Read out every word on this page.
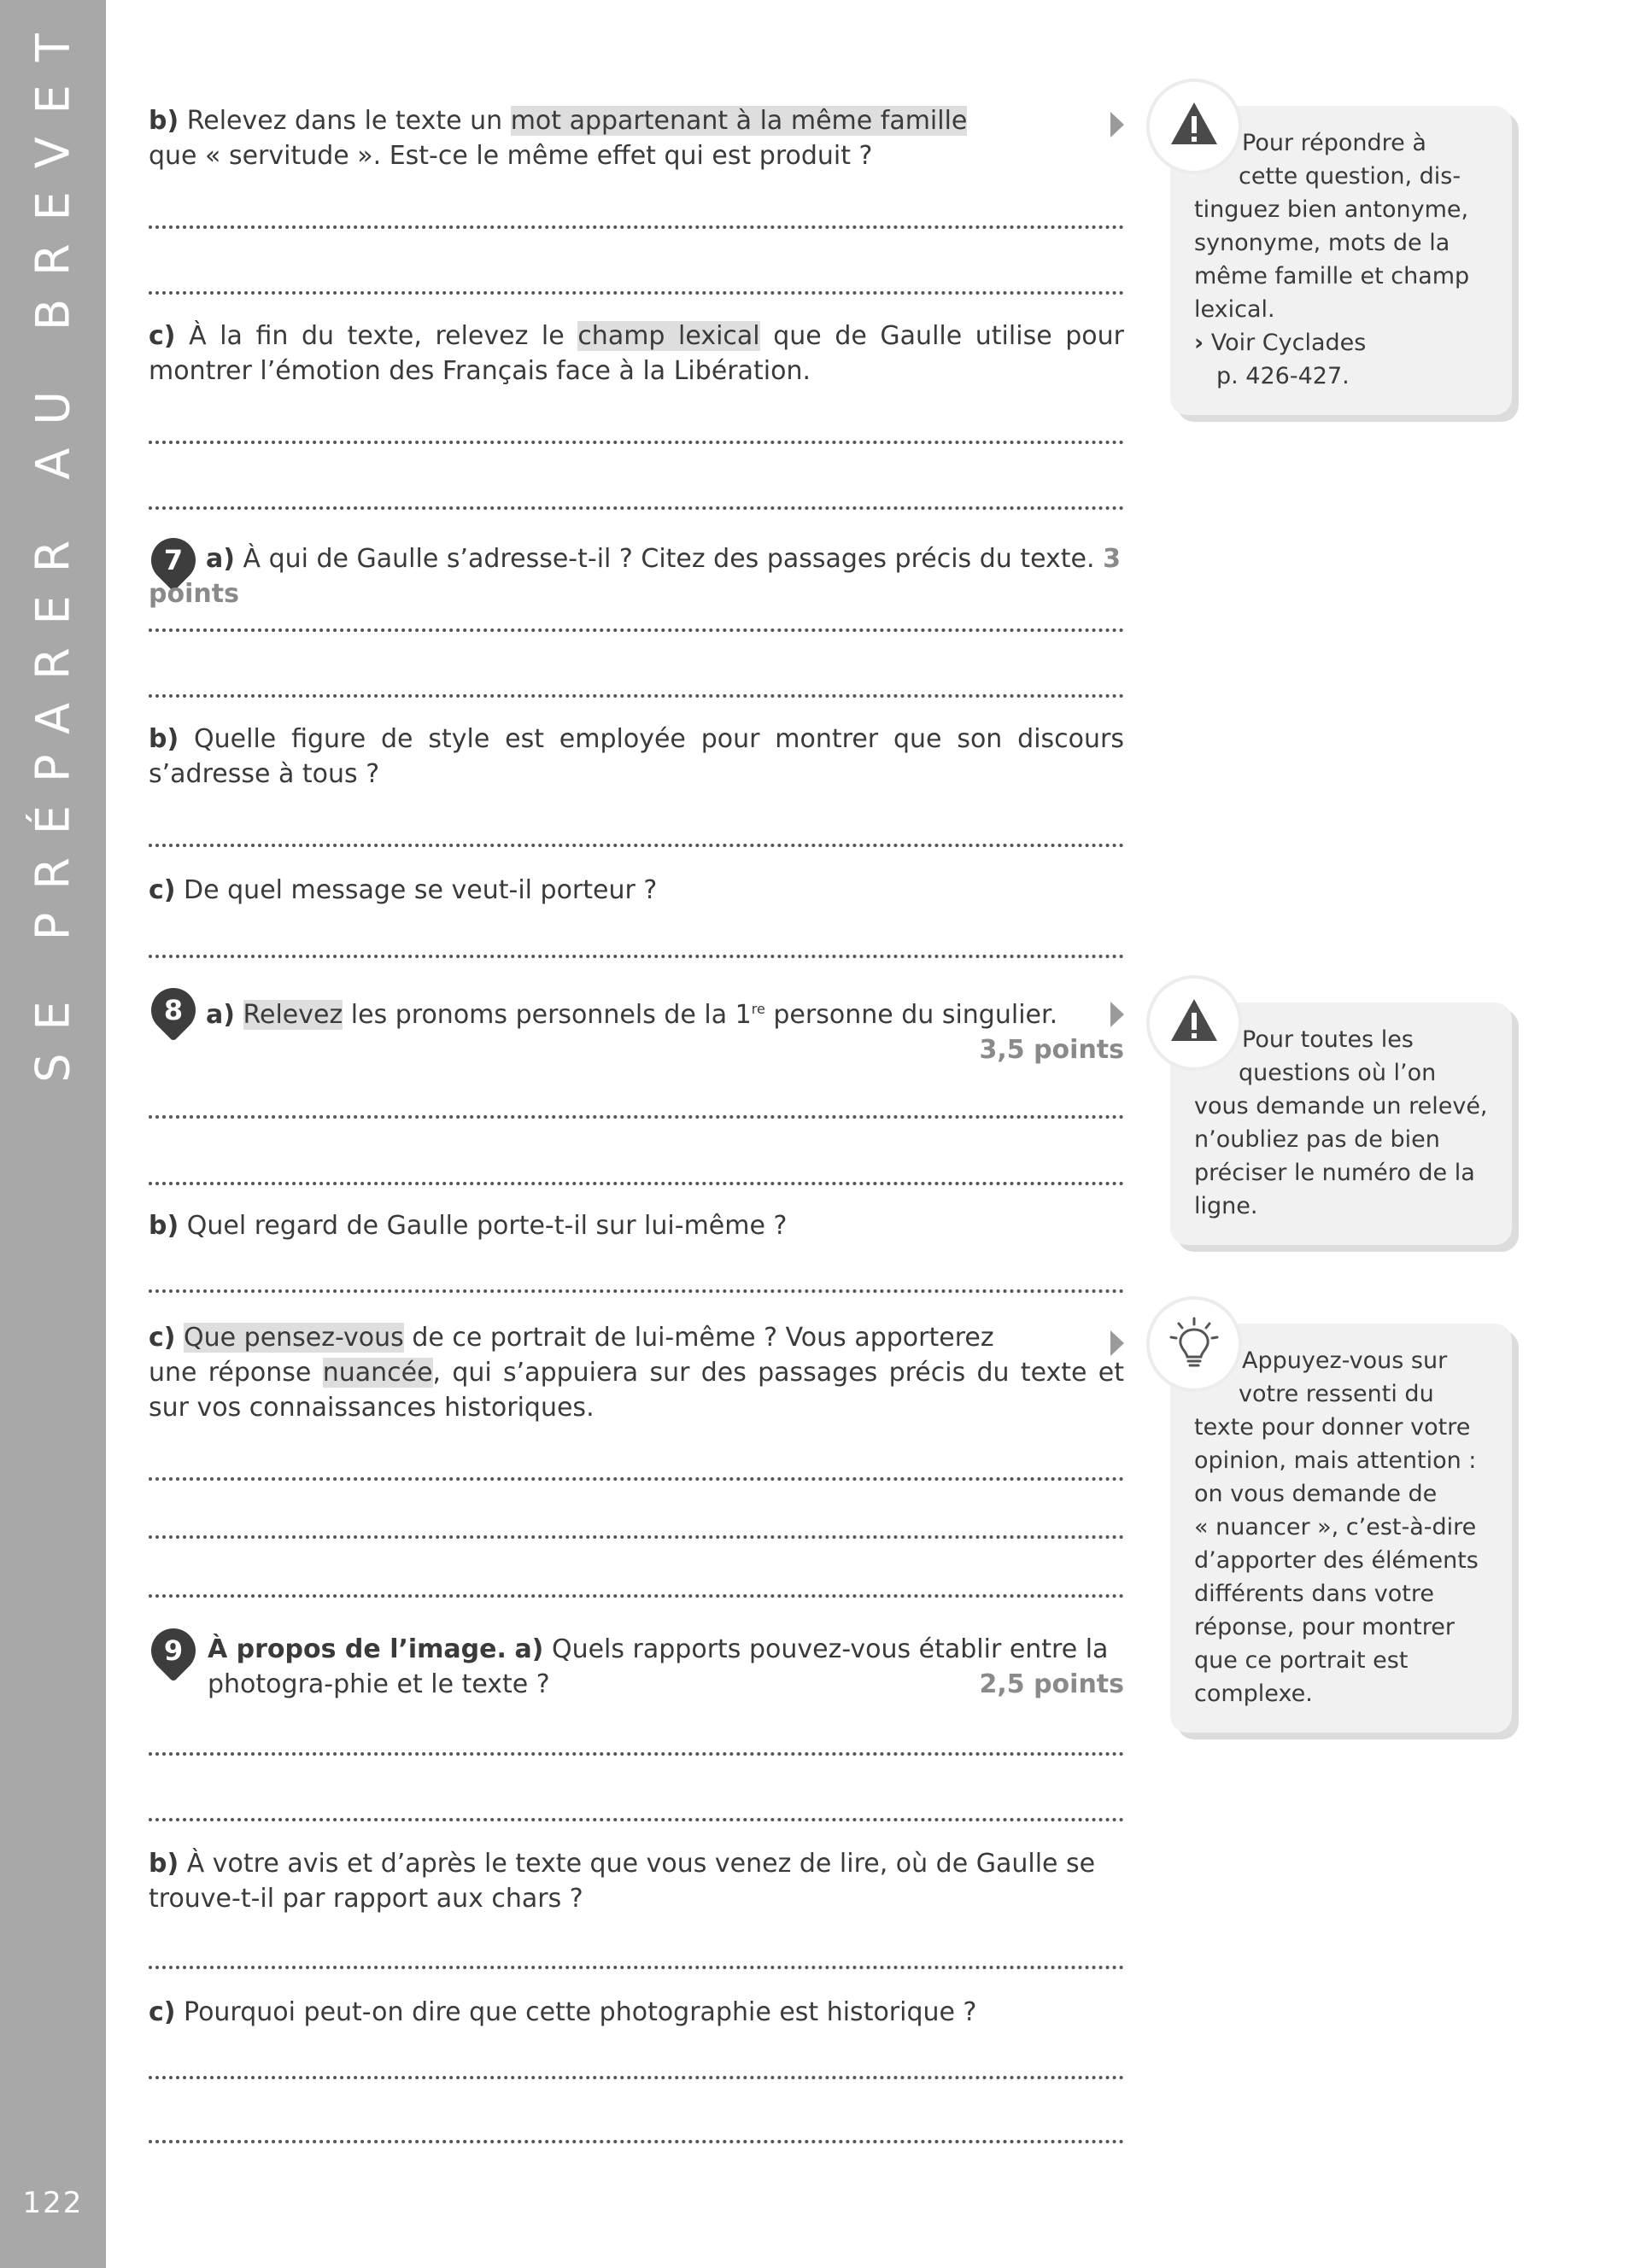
SE PRÉPARER AU BREVET
122
b) Relevez dans le texte un mot appartenant à la même famille
que « servitude ». Est-ce le même effet qui est produit ?
c) À la fin du texte, relevez le champ lexical que de Gaulle utilise pour montrer l’émotion des Français face à la Libération.
7 a) À qui de Gaulle s’adresse-t-il ? Citez des passages précis du texte. 3 points
b) Quelle figure de style est employée pour montrer que son discours s’adresse à tous ?
c) De quel message se veut-il porteur ?
8 a) Relevez les pronoms personnels de la 1re personne du singulier.
3,5 points
b) Quel regard de Gaulle porte-t-il sur lui-même ?
c) Que pensez-vous de ce portrait de lui-même ? Vous apporterez
une réponse nuancée, qui s’appuiera sur des passages précis du texte et sur vos connaissances historiques.
9 À propos de l’image. a) Quels rapports pouvez-vous établir entre la photogra-phie et le texte ?	2,5 points
b) À votre avis et d’après le texte que vous venez de lire, où de Gaulle se trouve-t-il par rapport aux chars ?
c) Pourquoi peut-on dire que cette photographie est historique ?
Pour répondre à
cette question, dis-
tinguez bien antonyme,
synonyme, mots de la
même famille et champ
lexical.
› Voir Cyclades
p. 426-427.
Pour toutes les
questions où l’on
vous demande un relevé,
n’oubliez pas de bien
préciser le numéro de la
ligne.
Appuyez-vous sur
votre ressenti du
texte pour donner votre
opinion, mais attention :
on vous demande de
« nuancer », c’est-à-dire
d’apporter des éléments
différents dans votre
réponse, pour montrer
que ce portrait est
complexe.
